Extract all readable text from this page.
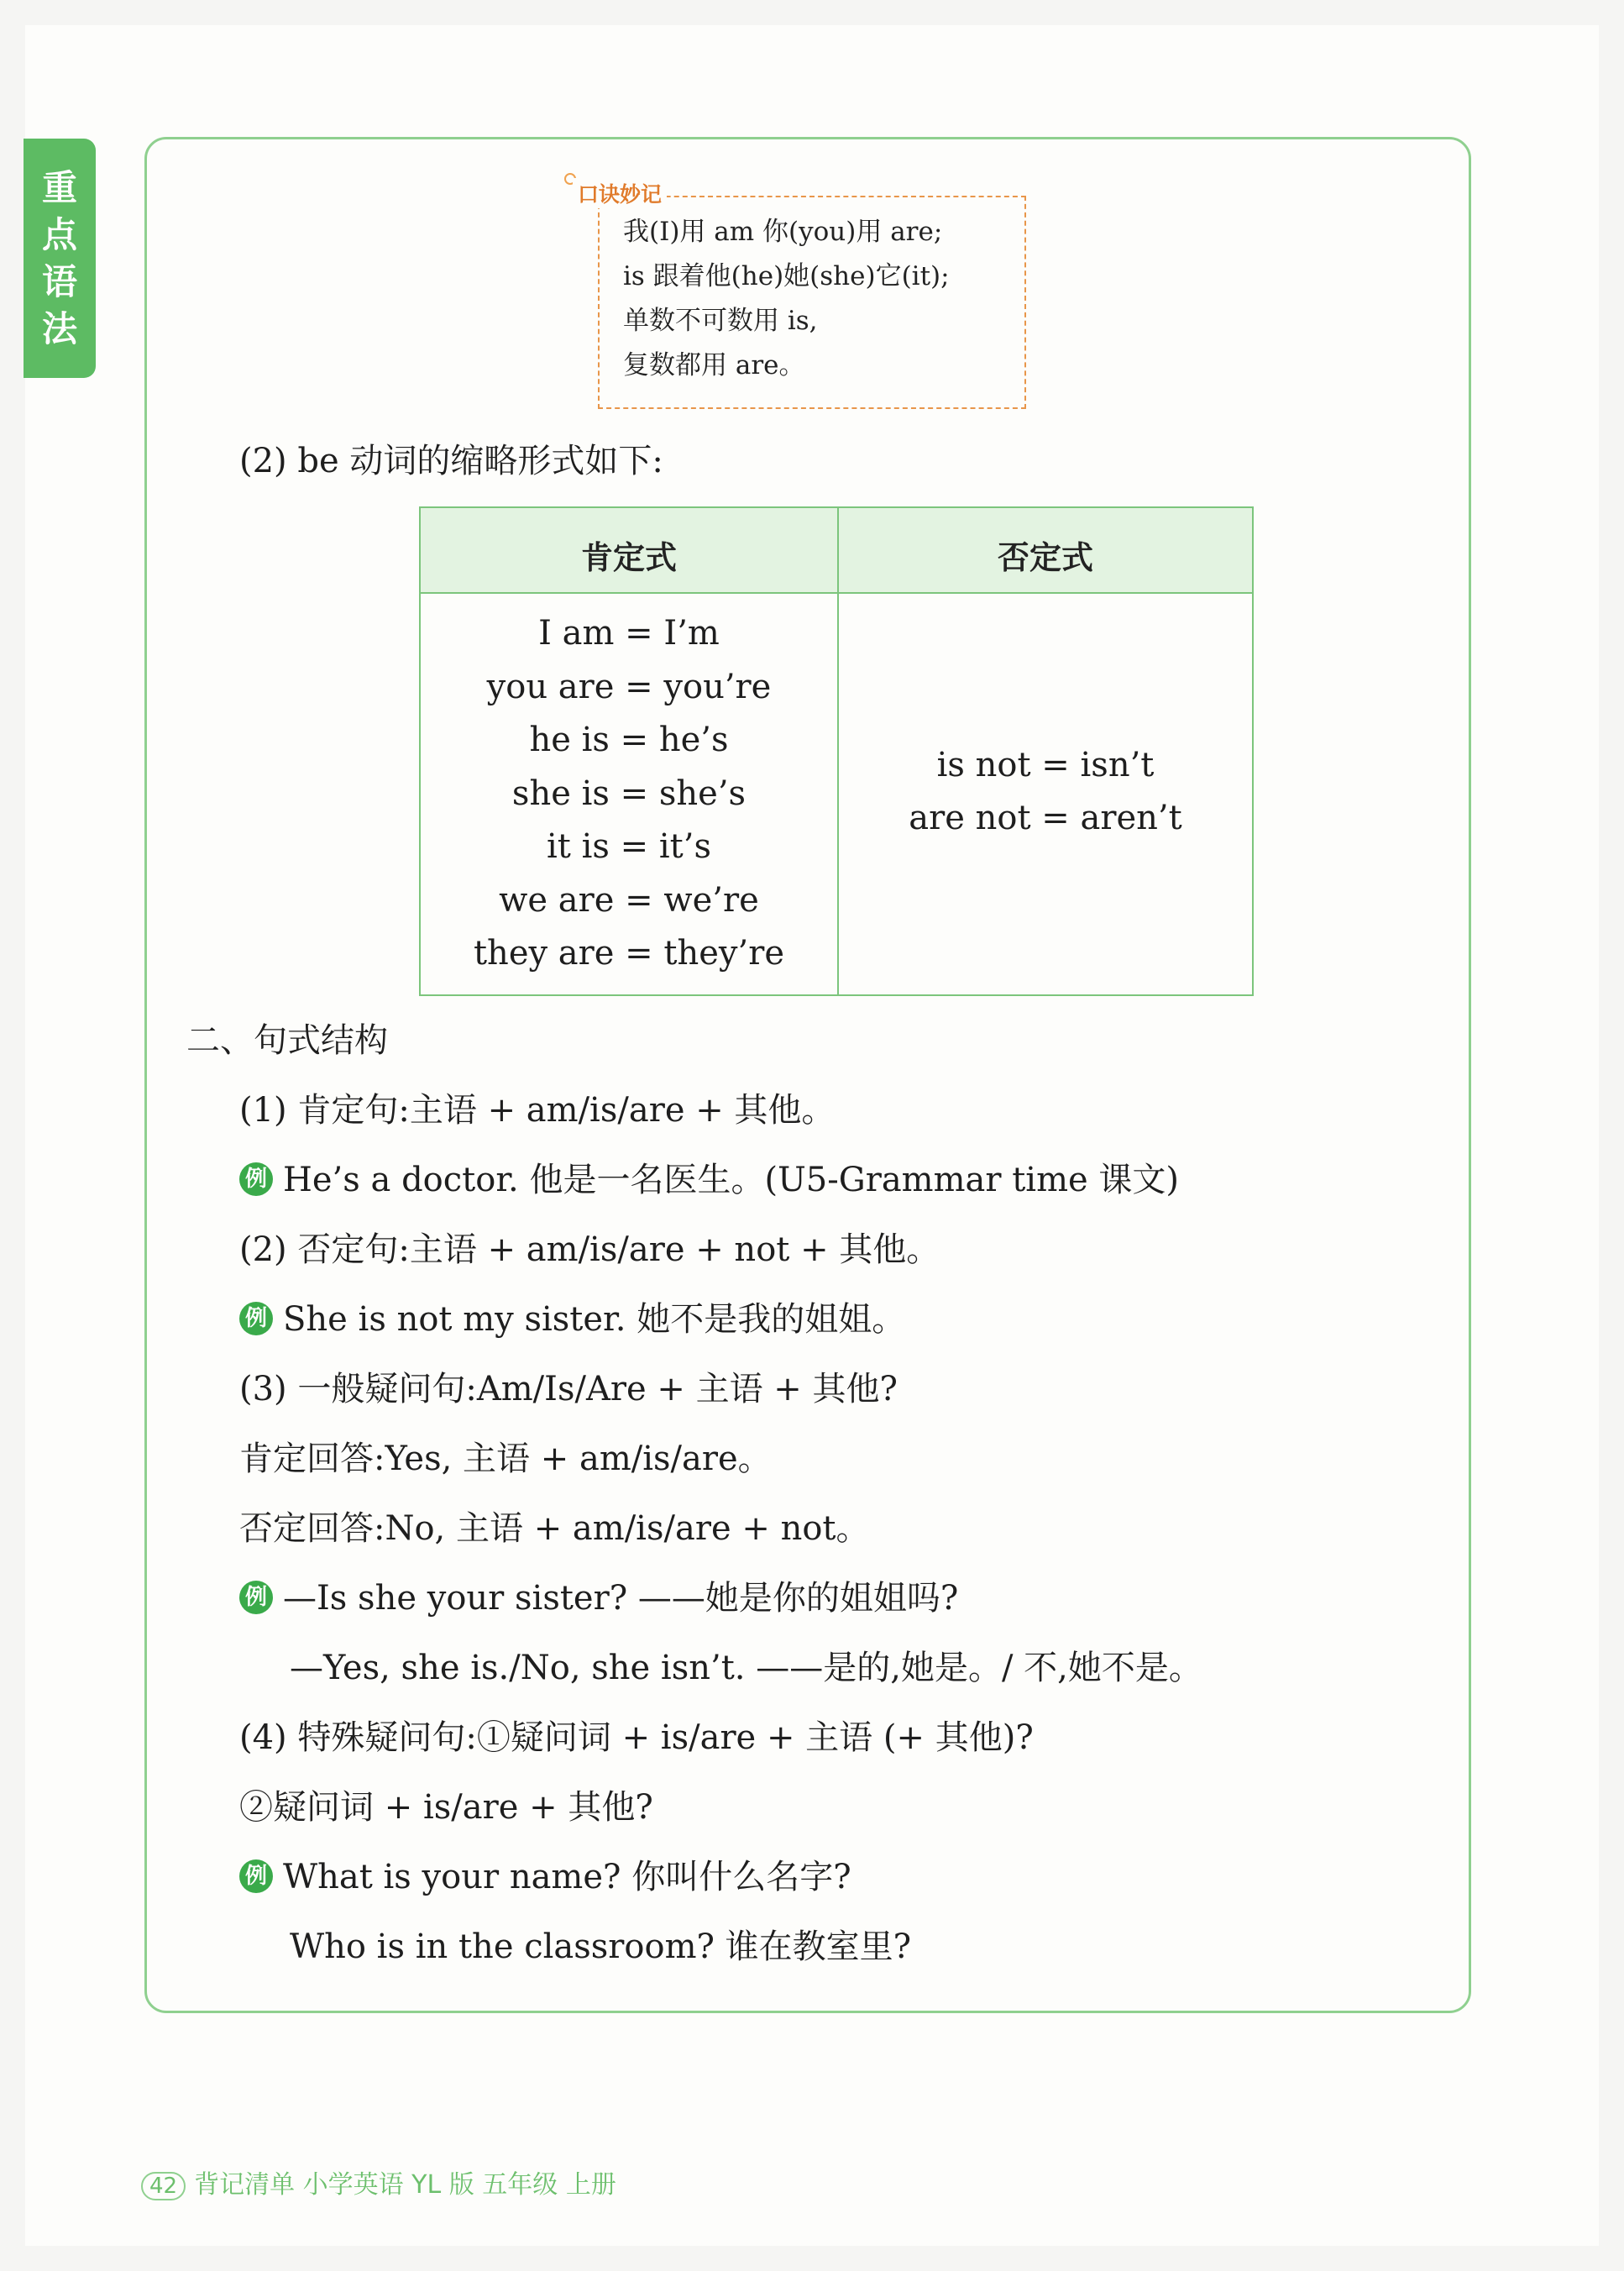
重
点
语
法
口诀妙记
我(I)用 am 你(you)用 are;
is 跟着他(he)她(she)它(it);
单数不可数用 is,
复数都用 are。
(2) be 动词的缩略形式如下:
肯定式	否定式
I am = I’m
you are = you’re
he is = he’s
she is = she’s
it is = it’s
we are = we’re
they are = they’re
is not = isn’t
are not = aren’t
二、句式结构
(1) 肯定句:主语 + am/is/are + 其他。
例 He’s a doctor. 他是一名医生。(U5-Grammar time 课文)
(2) 否定句:主语 + am/is/are + not + 其他。
例 She is not my sister. 她不是我的姐姐。
(3) 一般疑问句:Am/Is/Are + 主语 + 其他?
肯定回答:Yes, 主语 + am/is/are。
否定回答:No, 主语 + am/is/are + not。
例 —Is she your sister? ——她是你的姐姐吗?
—Yes, she is./No, she isn’t. ——是的,她是。/ 不,她不是。
(4) 特殊疑问句:①疑问词 + is/are + 主语 (+ 其他)?
②疑问词 + is/are + 其他?
例 What is your name? 你叫什么名字?
Who is in the classroom? 谁在教室里?
42 背记清单 小学英语 YL 版 五年级 上册
